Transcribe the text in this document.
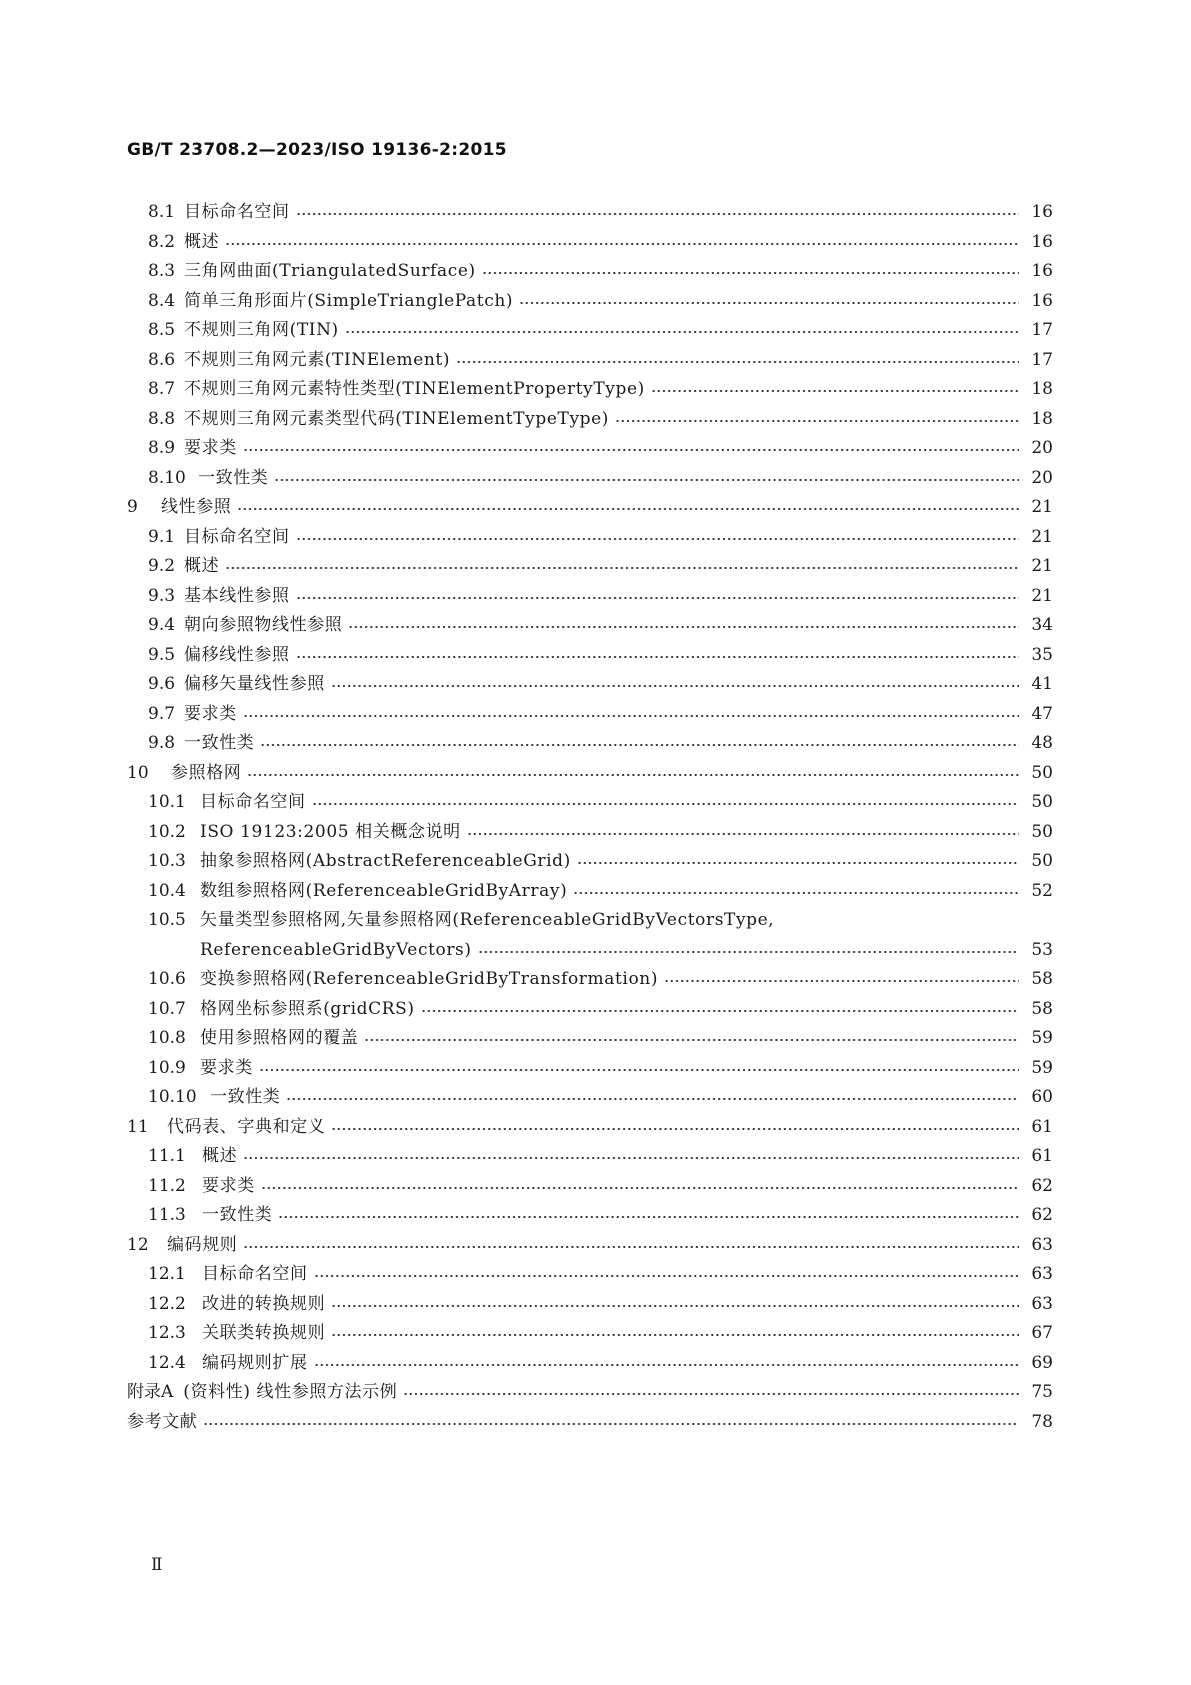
GB/T 23708.2—2023/ISO 19136-2:2015
8.1 目标命名空间	16
8.2 概述	16
8.3 三角网曲面(TriangulatedSurface)	16
8.4 简单三角形面片(SimpleTrianglePatch)	16
8.5 不规则三角网(TIN)	17
8.6 不规则三角网元素(TINElement)	17
8.7 不规则三角网元素特性类型(TINElementPropertyType)	18
8.8 不规则三角网元素类型代码(TINElementTypeType)	18
8.9 要求类	20
8.10 一致性类	20
9	线性参照	21
9.1 目标命名空间	21
9.2 概述	21
9.3 基本线性参照	21
9.4 朝向参照物线性参照	34
9.5 偏移线性参照	35
9.6 偏移矢量线性参照	41
9.7 要求类	47
9.8 一致性类	48
10	参照格网	50
10.1 目标命名空间	50
10.2 ISO 19123:2005 相关概念说明	50
10.3 抽象参照格网(AbstractReferenceableGrid)	50
10.4 数组参照格网(ReferenceableGridByArray)	52
10.5 矢量类型参照格网,矢量参照格网(ReferenceableGridByVectorsType,
ReferenceableGridByVectors)	53
10.6 变换参照格网(ReferenceableGridByTransformation)	58
10.7 格网坐标参照系(gridCRS)	58
10.8 使用参照格网的覆盖	59
10.9 要求类	59
10.10 一致性类	60
11	代码表、字典和定义	61
11.1 概述	61
11.2 要求类	62
11.3 一致性类	62
12	编码规则	63
12.1 目标命名空间	63
12.2 改进的转换规则	63
12.3 关联类转换规则	67
12.4 编码规则扩展	69
附录A (资料性) 线性参照方法示例	75
参考文献	78
Ⅱ
